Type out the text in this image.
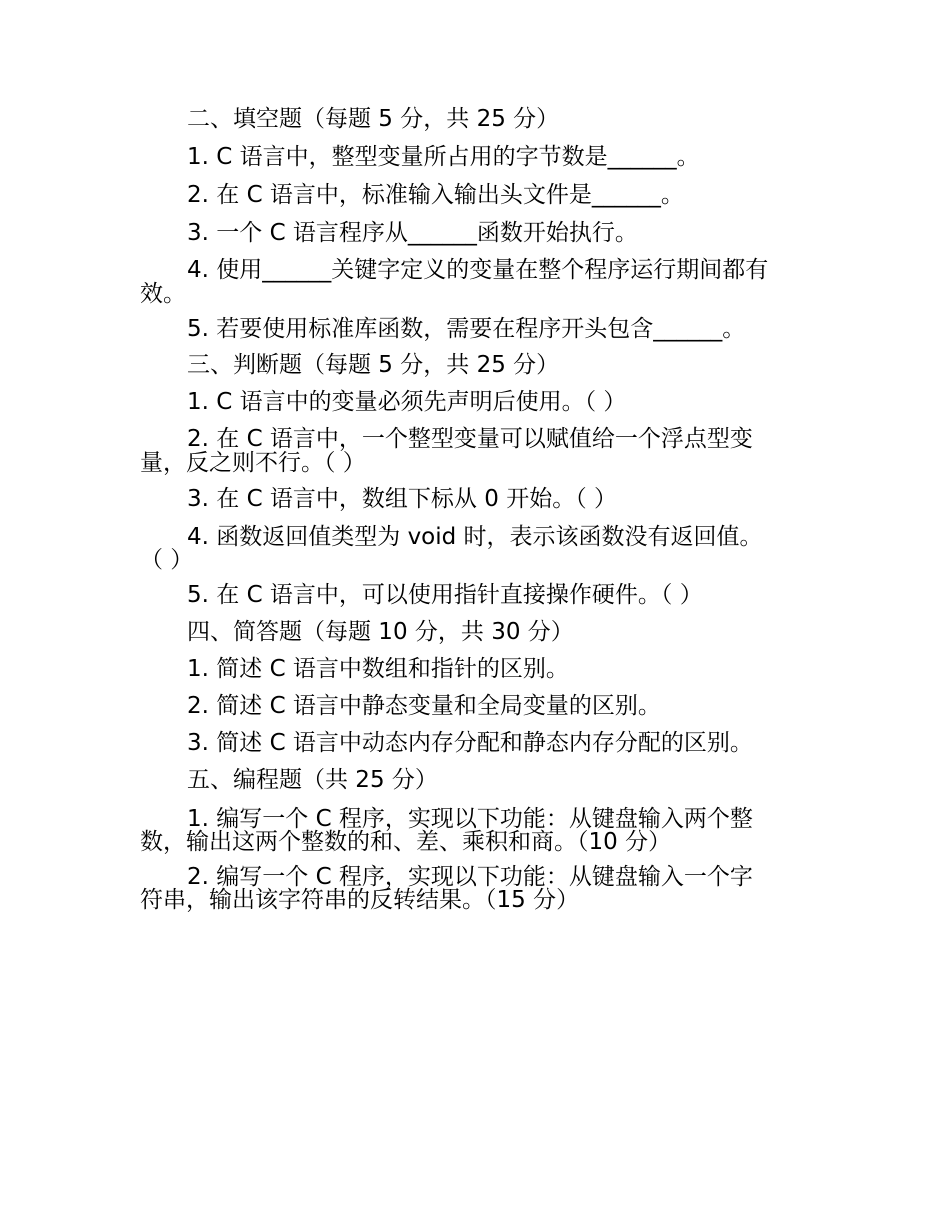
二、填空题（每题 5 分，共 25 分）
1. C 语言中，整型变量所占用的字节数是______。
2. 在 C 语言中，标准输入输出头文件是______。
3. 一个 C 语言程序从______函数开始执行。
4. 使用______关键字定义的变量在整个程序运行期间都有
效。
5. 若要使用标准库函数，需要在程序开头包含______。
三、判断题（每题 5 分，共 25 分）
1. C 语言中的变量必须先声明后使用。（ ）
2. 在 C 语言中，一个整型变量可以赋值给一个浮点型变
量，反之则不行。（ ）
3. 在 C 语言中，数组下标从 0 开始。（ ）
4. 函数返回值类型为 void 时，表示该函数没有返回值。
（ ）
5. 在 C 语言中，可以使用指针直接操作硬件。（ ）
四、简答题（每题 10 分，共 30 分）
1. 简述 C 语言中数组和指针的区别。
2. 简述 C 语言中静态变量和全局变量的区别。
3. 简述 C 语言中动态内存分配和静态内存分配的区别。
五、编程题（共 25 分）
1. 编写一个 C 程序，实现以下功能：从键盘输入两个整
数，输出这两个整数的和、差、乘积和商。（10 分）
2. 编写一个 C 程序，实现以下功能：从键盘输入一个字
符串，输出该字符串的反转结果。（15 分）
